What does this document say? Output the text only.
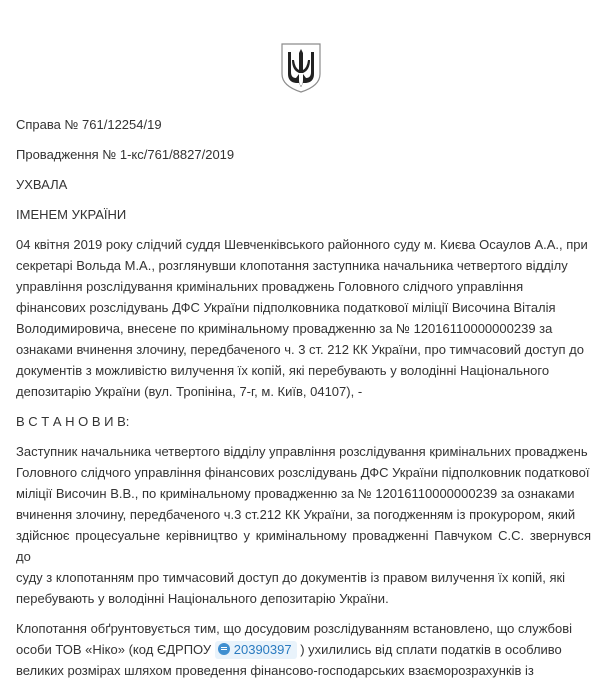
Справа № 761/12254/19

Провадження № 1-кс/761/8827/2019

УХВАЛА

ІМЕНЕМ УКРАЇНИ

04 квітня 2019 року слідчий суддя Шевченківського районного суду м. Києва Осаулов А.А., при

секретарі Вольда М.А., розглянувши клопотання заступника начальника четвертого відділу

управління розслідування кримінальних проваджень Головного слідчого управління

фінансових розслідувань ДФС України підполковника податкової міліції Височина Віталія

Володимировича, внесене по кримінальному провадженню за № 12016110000000239 за

ознаками вчинення злочину, передбаченого ч. 3 ст. 212 КК України, про тимчасовий доступ до

документів з можливістю вилучення їх копій, які перебувають у володінні Національного

депозитарію України (вул. Тропініна, 7-г, м. Київ, 04107), -

В С Т А Н О В И В:

Заступник начальника четвертого відділу управління розслідування кримінальних проваджень

Головного слідчого управління фінансових розслідувань ДФС України підполковник податкової

міліції Височин В.В., по кримінальному провадженню за № 12016110000000239 за ознаками

вчинення злочину, передбаченого ч.3 ст.212 КК України, за погодженням із прокурором, який

здійснює процесуальне керівництво у кримінальному провадженні Павчуком С.С. звернувся до

суду з клопотанням про тимчасовий доступ до документів із правом вилучення їх копій, які

перебувають у володінні Національного депозитарію України.

Клопотання обґрунтовується тим, що досудовим розслідуванням встановлено, що службові

особи ТОВ «Ніко» (код ЄДРПОУ 20390397 ) ухилились від сплати податків в особливо

великих розмірах шляхом проведення фінансово-господарських взаєморозрахунків із
